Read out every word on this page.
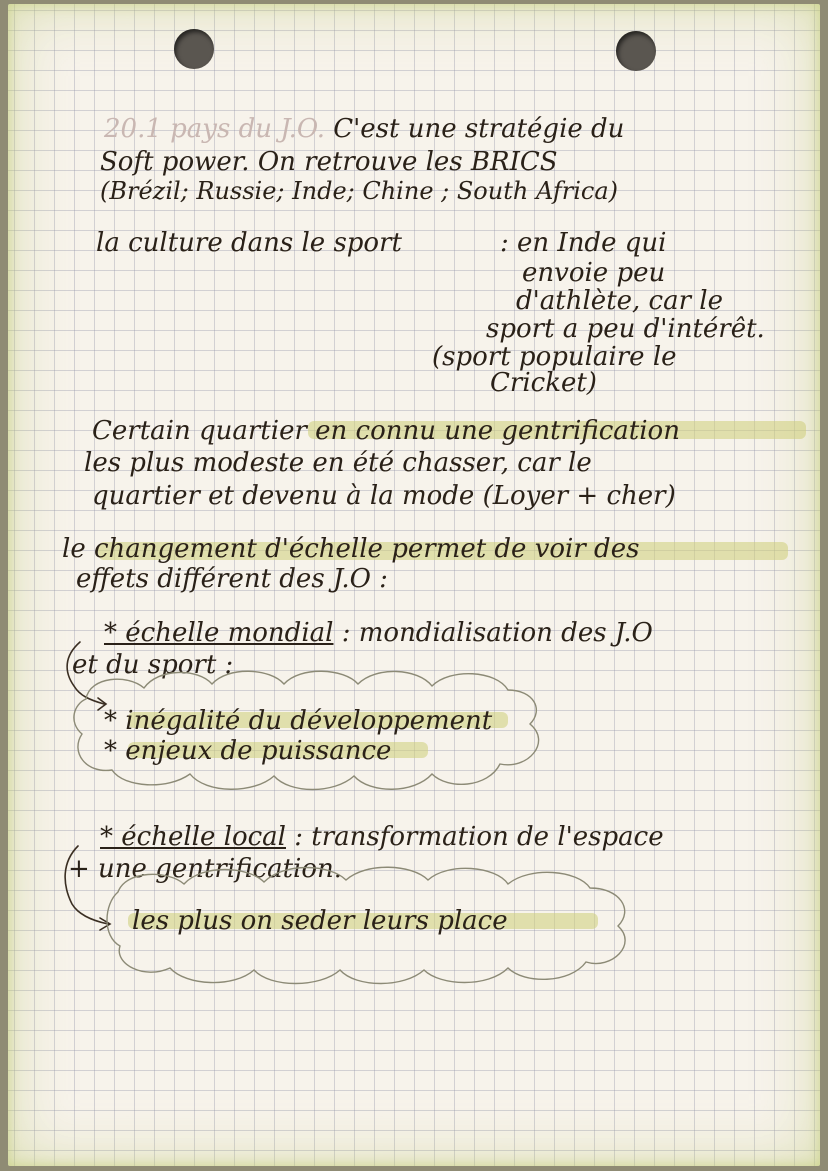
20.1 pays du J.O. C'est une stratégie du

Soft power. On retrouve les BRICS

(Brézil; Russie; Inde; Chine ; South Africa)

la culture dans le sport	: en Inde qui

envoie peu

d'athlète, car le

sport a peu d'intérêt.

(sport populaire le

Cricket)

Certain quartier en connu une gentrification

les plus modeste en été chasser, car le

quartier et devenu à la mode (Loyer + cher)

le changement d'échelle permet de voir des

effets différent des J.O :

* échelle mondial : mondialisation des J.O

et du sport :

* inégalité du développement

* enjeux de puissance

* échelle local : transformation de l'espace

+ une gentrification.

les plus on seder leurs place
